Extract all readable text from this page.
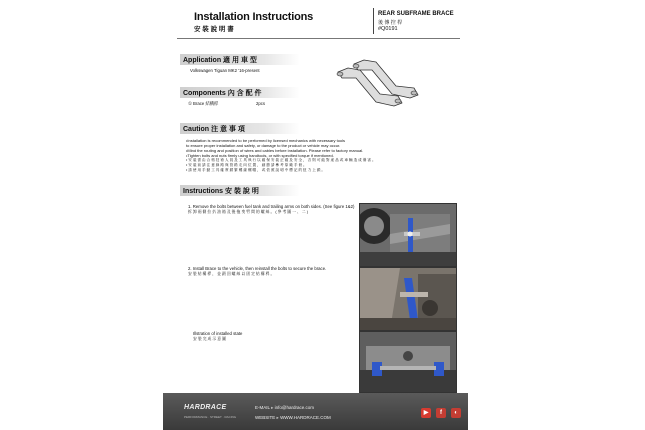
Installation Instructions
安 裝 說 明 書
REAR SUBFRAME BRACE
後 傳 控 桿
#Q0191
Application 適 用 車 型
Volkswagen Tiguan MK2 '16-present
Components 內 含 配 件
① Brace 結構桿	2pcs
Caution 注 意 事 項
•Installation is recommended to be performed by licensed mechanics with necessary tools
to ensure proper installation and safety, or damage to the product or vehicle may occur.
•Mind the routing and position of wires and cables before installation. Please refer to factory manual.
•Tighten bolts and nuts firmly using handtools, or with specified torque if mentioned.
• 安 裝 需 由 合 格 技 術 人 員 及 工 具 執 行 以 確 保 安 裝 正 確 及 安 全 ， 否 則 可 能 對 產 品 或 車 輛 造 成 傷 害 。
• 安 裝 前 請 注 意 線 路 與 管 路 走 向 位 置 ， 細 節 請 參 考 原 廠 手 冊 。
• 請 使 用 手 動 工 具 確 實 鎖 緊 螺 絲 螺 帽 ， 或 依 照 說 明 中 標 記 的 扭 力 上 鎖 。
Instructions 安 裝 說 明
1. Remove the bolts between fuel tank and trailing arms on both sides. (See figure 1&2)
拆 卸 兩 側 拉 扒 油 箱 及 後 拖 曳 臂 間 的 螺 絲 。 ( 參 考 圖 一 、 二 )
2. Install Brace to the vehicle, then reinstall the bolts to secure the brace.
安 裝 結 構 桿 ， 並 鎖 回 螺 絲 以 固 定 結 構 桿 。
Illstration of installed state
安 裝 完 成 示 意 圖
HARDRACE
PERFORMANCE · STREET · RACING
E-MAIL ▸ info@hardrace.com
WEBSITE ▸ WWW.HARDRACE.COM
▶	f	◐
